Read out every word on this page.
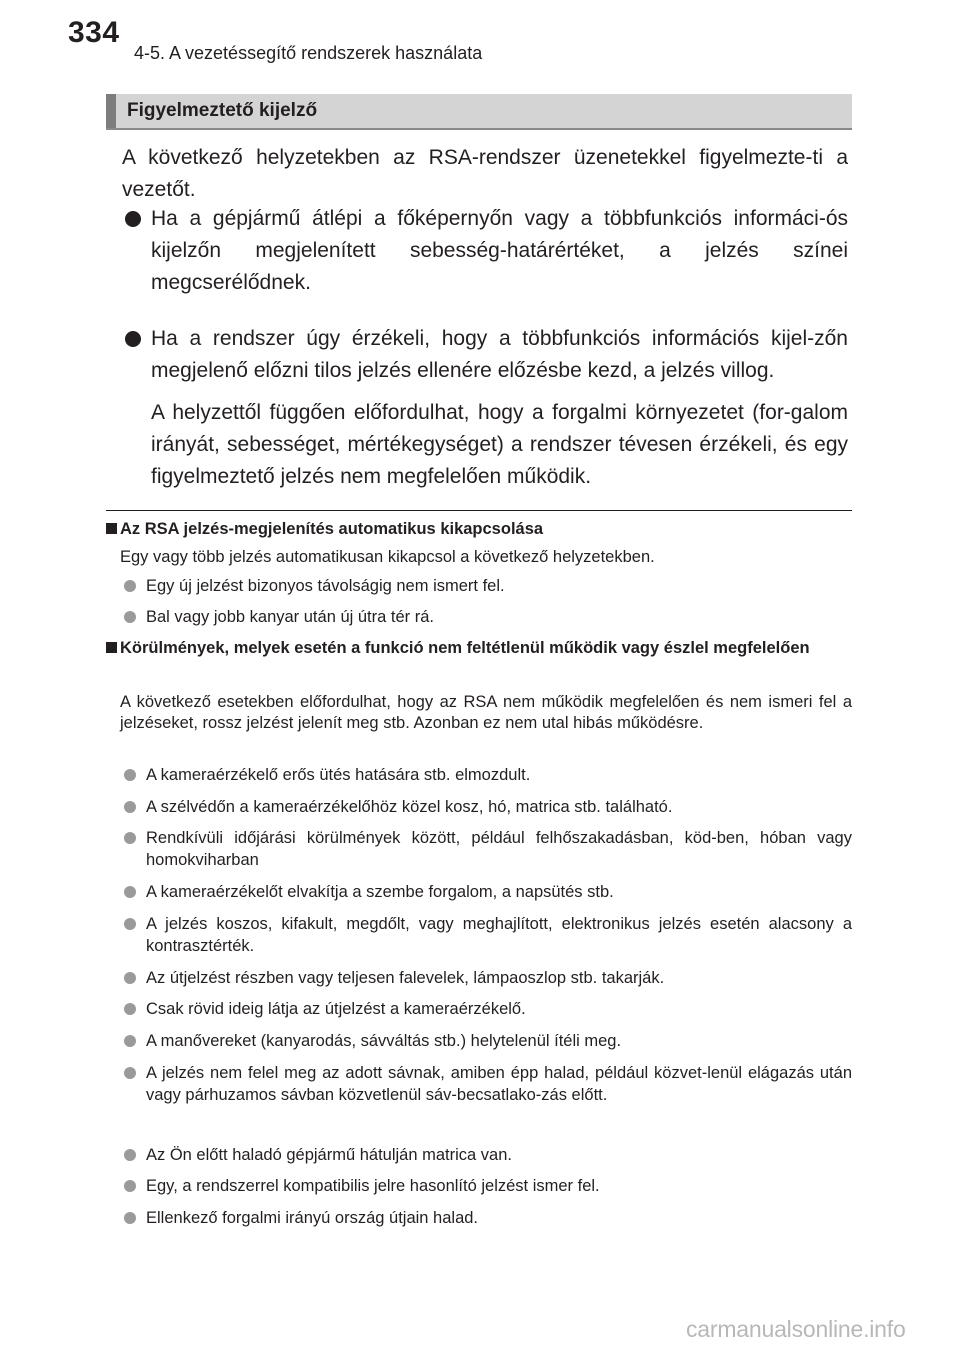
334
4-5. A vezetéssegítő rendszerek használata
Figyelmeztető kijelző

A következő helyzetekben az RSA-rendszer üzenetekkel figyelmezte-ti a vezetőt.

Ha a gépjármű átlépi a főképernyőn vagy a többfunkciós informáci-ós kijelzőn megjelenített sebesség-határértéket, a jelzés színei megcserélődnek.
Ha a rendszer úgy érzékeli, hogy a többfunkciós információs kijel-zőn megjelenő előzni tilos jelzés ellenére előzésbe kezd, a jelzés villog.

A helyzettől függően előfordulhat, hogy a forgalmi környezetet (for-galom irányát, sebességet, mértékegységet) a rendszer tévesen érzékeli, és egy figyelmeztető jelzés nem megfelelően működik.

Az RSA jelzés-megjelenítés automatikus kikapcsolása

Egy vagy több jelzés automatikusan kikapcsol a következő helyzetekben.

Egy új jelzést bizonyos távolságig nem ismert fel.
Bal vagy jobb kanyar után új útra tér rá.
Körülmények, melyek esetén a funkció nem feltétlenül működik vagy észlel megfelelően

A következő esetekben előfordulhat, hogy az RSA nem működik megfelelően és nem ismeri fel a jelzéseket, rossz jelzést jelenít meg stb. Azonban ez nem utal hibás működésre.

A kameraérzékelő erős ütés hatására stb. elmozdult.
A szélvédőn a kameraérzékelőhöz közel kosz, hó, matrica stb. található.
Rendkívüli időjárási körülmények között, például felhőszakadásban, köd-ben, hóban vagy homokviharban
A kameraérzékelőt elvakítja a szembe forgalom, a napsütés stb.
A jelzés koszos, kifakult, megdőlt, vagy meghajlított, elektronikus jelzés esetén alacsony a kontrasztérték.
Az útjelzést részben vagy teljesen falevelek, lámpaoszlop stb. takarják.
Csak rövid ideig látja az útjelzést a kameraérzékelő.
A manővereket (kanyarodás, sávváltás stb.) helytelenül ítéli meg.
A jelzés nem felel meg az adott sávnak, amiben épp halad, például közvet-lenül elágazás után vagy párhuzamos sávban közvetlenül sáv-becsatlako-zás előtt.
Az Ön előtt haladó gépjármű hátulján matrica van.
Egy, a rendszerrel kompatibilis jelre hasonlító jelzést ismer fel.
Ellenkező forgalmi irányú ország útjain halad.
carmanualsonline.info
